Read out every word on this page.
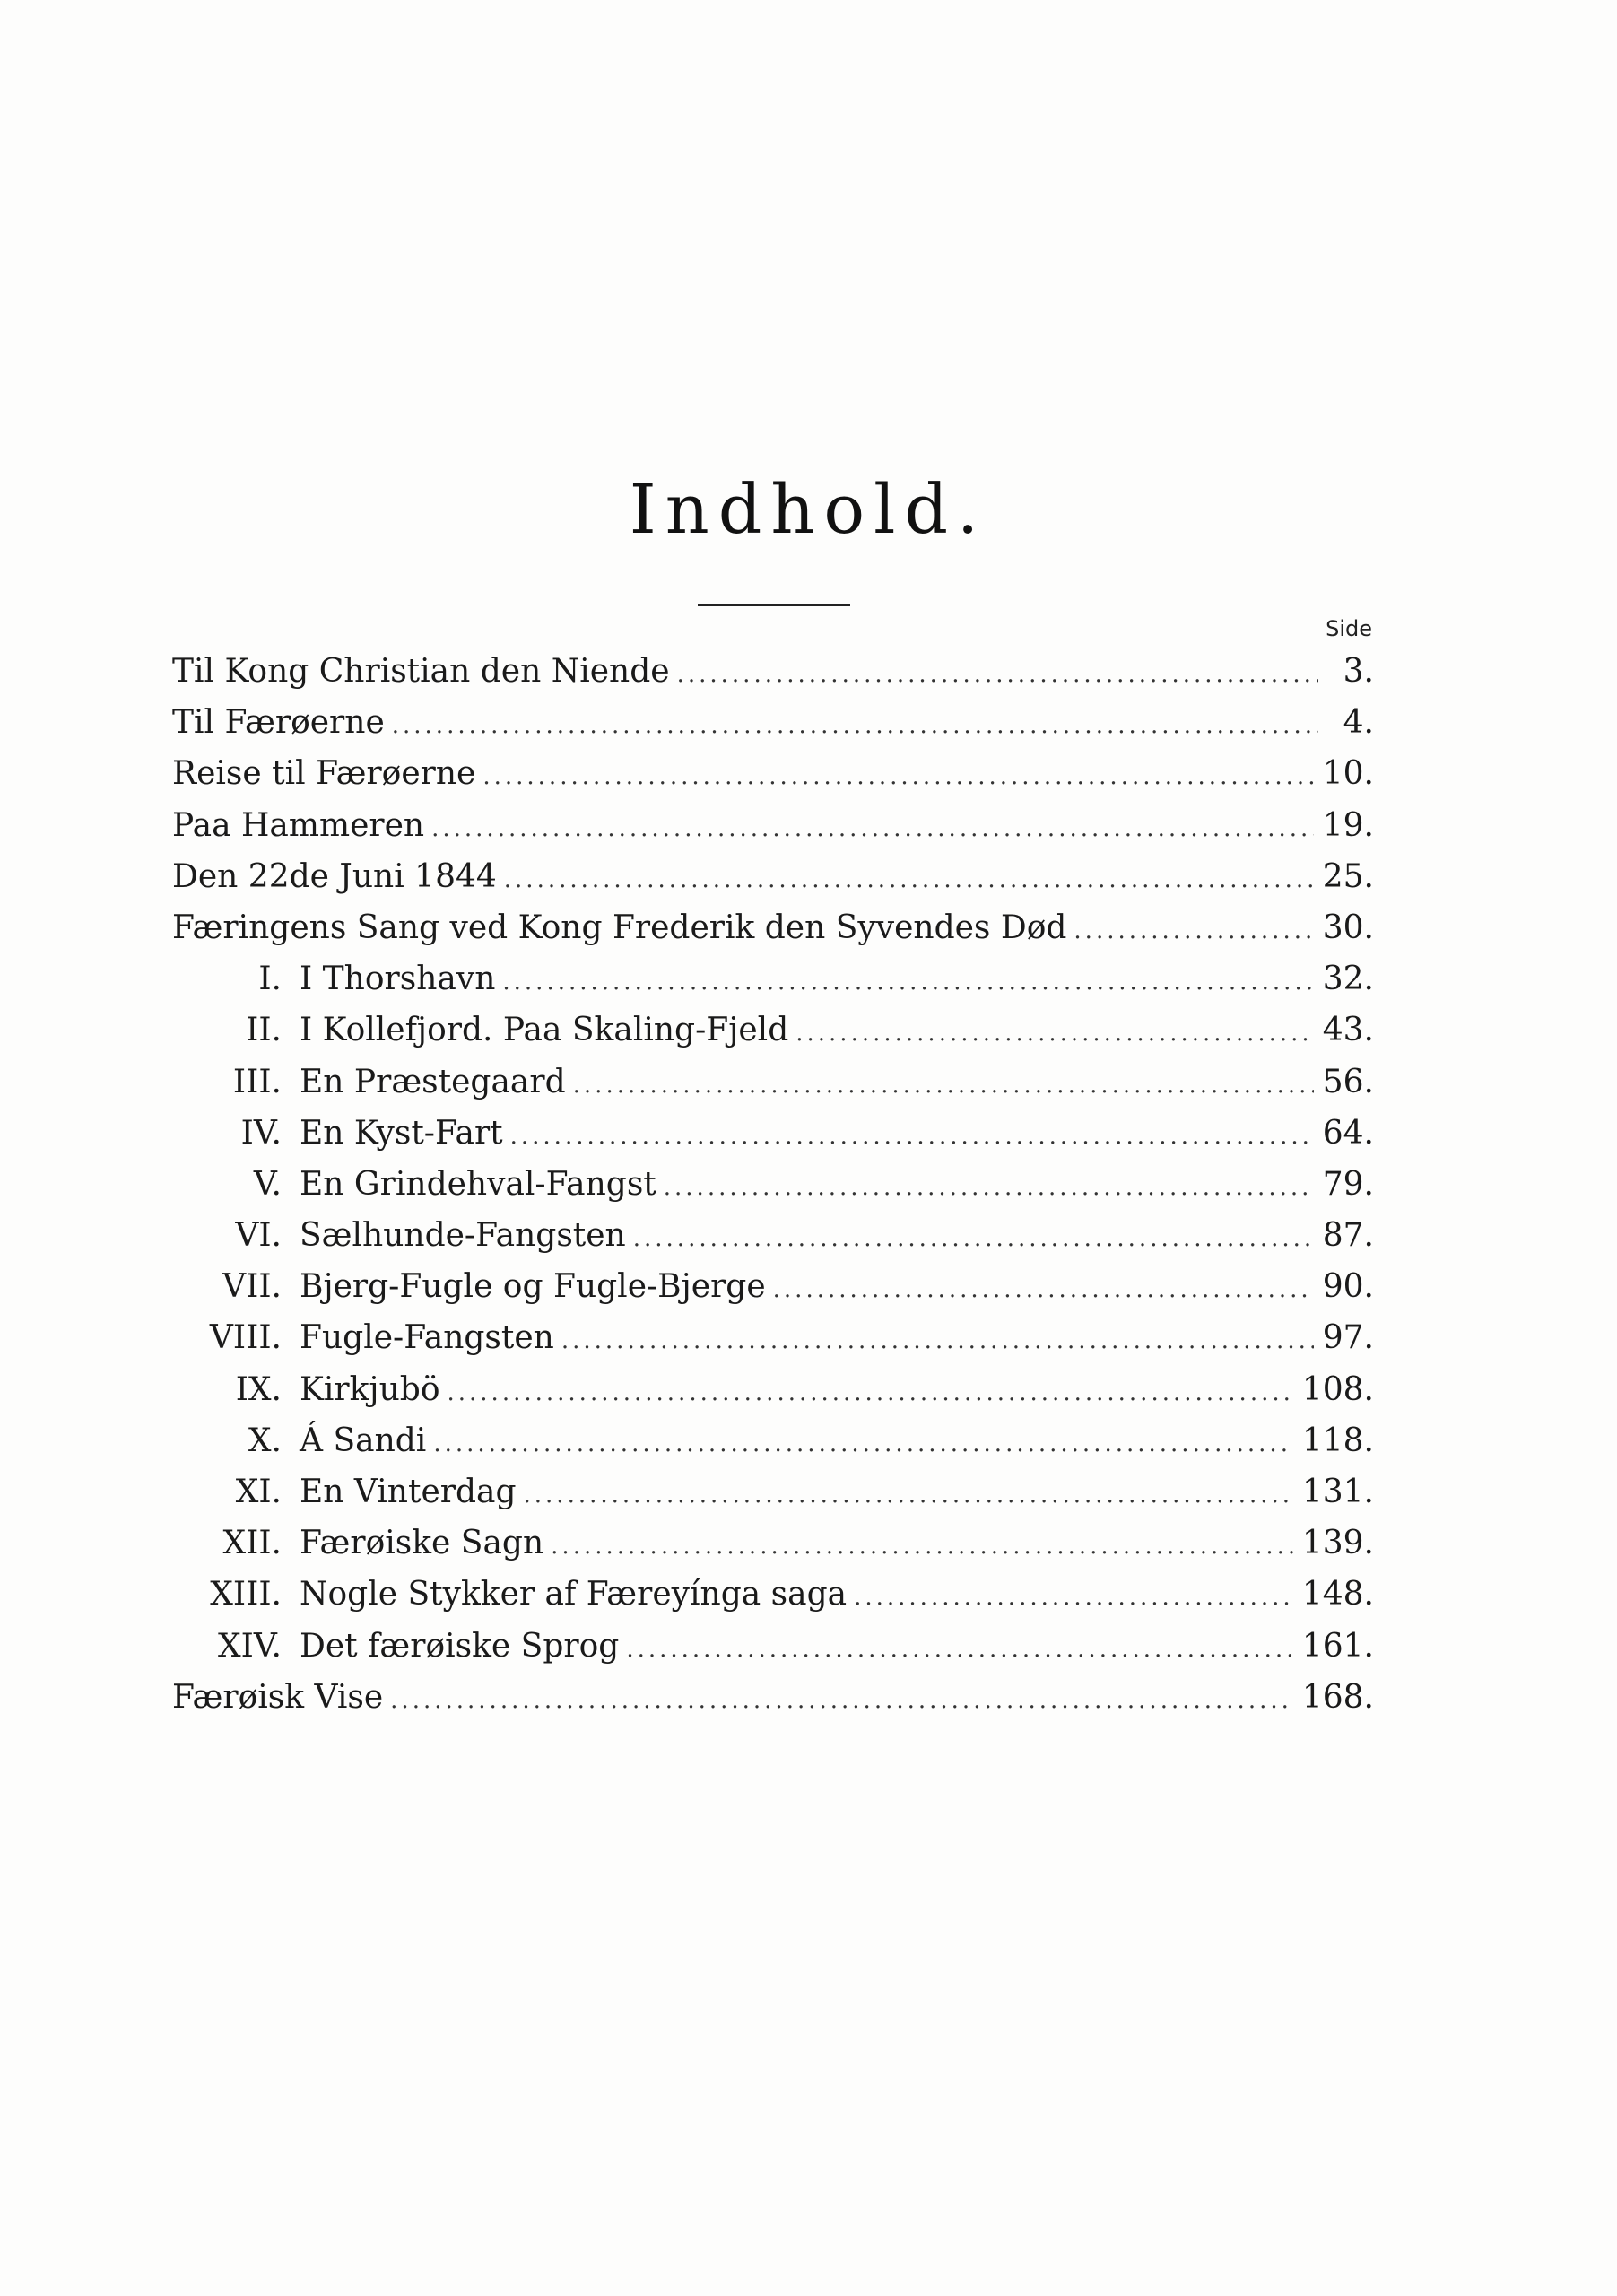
Indhold.
Side
Til Kong Christian den Niende .....	3.
Til Færøerne .....	4.
Reise til Færøerne .....	10.
Paa Hammeren .....	19.
Den 22de Juni 1844 .....	25.
Færingens Sang ved Kong Frederik den Syvendes Død .....	30.
I. I Thorshavn .....	32.
II. I Kollefjord. Paa Skaling-Fjeld .....	43.
III. En Præstegaard .....	56.
IV. En Kyst-Fart .....	64.
V. En Grindehval-Fangst .....	79.
VI. Sælhunde-Fangsten .....	87.
VII. Bjerg-Fugle og Fugle-Bjerge .....	90.
VIII. Fugle-Fangsten .....	97.
IX. Kirkjubö .....	108.
X. Á Sandi .....	118.
XI. En Vinterdag .....	131.
XII. Færøiske Sagn .....	139.
XIII. Nogle Stykker af Færeyínga saga .....	148.
XIV. Det færøiske Sprog .....	161.
Færøisk Vise .....	168.
